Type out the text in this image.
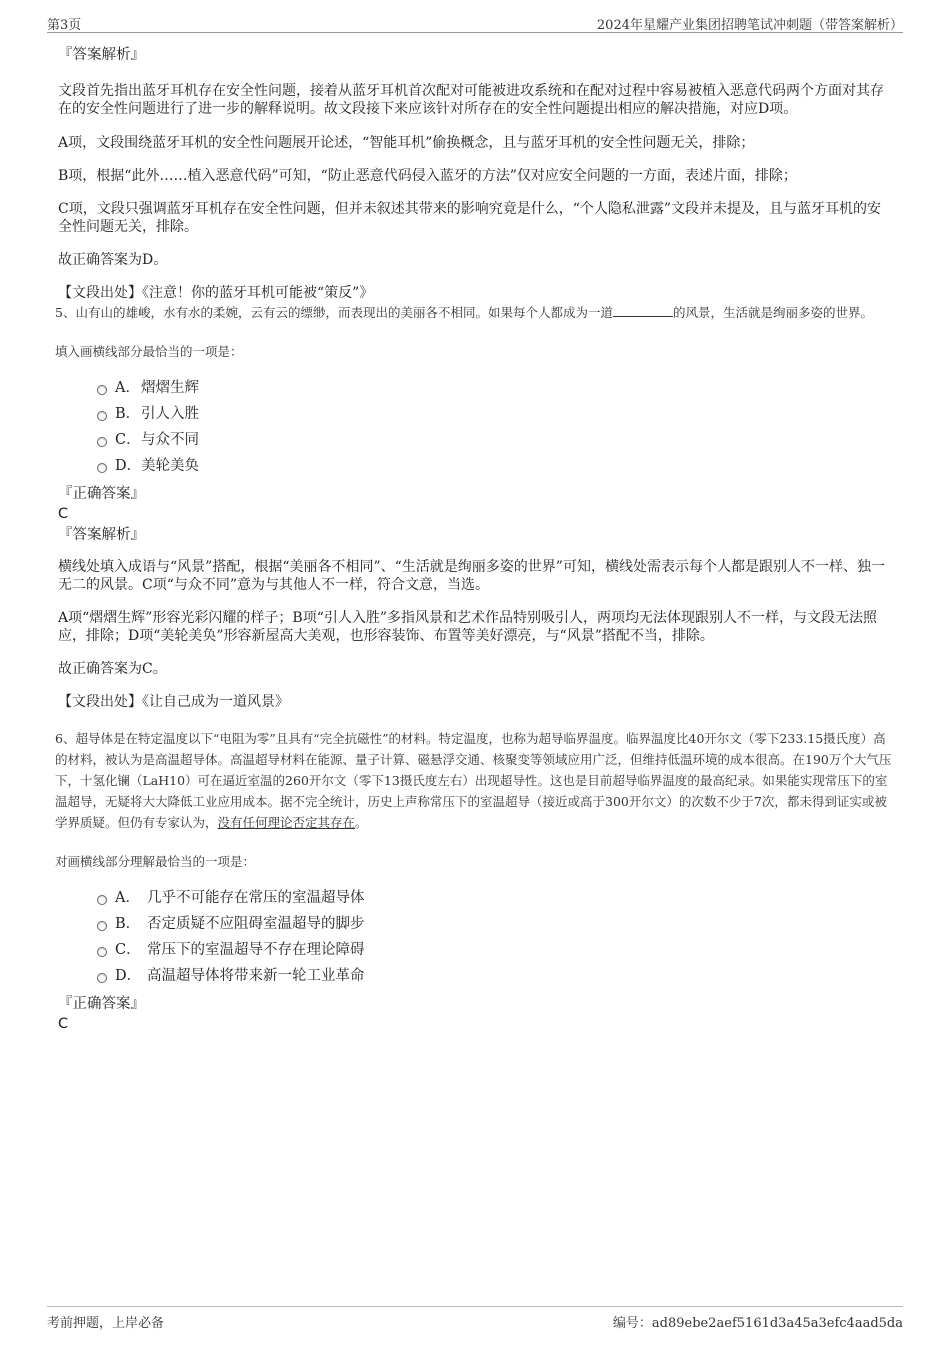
第3页	2024年星耀产业集团招聘笔试冲刺题（带答案解析）
『答案解析』

文段首先指出蓝牙耳机存在安全性问题，接着从蓝牙耳机首次配对可能被进攻系统和在配对过程中容易被植入恶意代码两个方面对其存在的安全性问题进行了进一步的解释说明。故文段接下来应该针对所存在的安全性问题提出相应的解决措施，对应D项。

A项，文段围绕蓝牙耳机的安全性问题展开论述，“智能耳机”偷换概念，且与蓝牙耳机的安全性问题无关，排除；

B项，根据“此外……植入恶意代码”可知，“防止恶意代码侵入蓝牙的方法”仅对应安全问题的一方面，表述片面，排除；

C项，文段只强调蓝牙耳机存在安全性问题，但并未叙述其带来的影响究竟是什么，“个人隐私泄露”文段并未提及，且与蓝牙耳机的安全性问题无关，排除。

故正确答案为D。

【文段出处】《注意！你的蓝牙耳机可能被“策反”》

5、山有山的雄峻，水有水的柔婉，云有云的缥缈，而表现出的美丽各不相同。如果每个人都成为一道	的风景，生活就是绚丽多姿的世界。

填入画横线部分最恰当的一项是：

A．熠熠生辉
B．引人入胜
C．与众不同
D．美轮美奂
『正确答案』
C
『答案解析』

横线处填入成语与“风景”搭配，根据“美丽各不相同”、“生活就是绚丽多姿的世界”可知，横线处需表示每个人都是跟别人不一样、独一无二的风景。C项“与众不同”意为与其他人不一样，符合文意，当选。

A项“熠熠生辉”形容光彩闪耀的样子；B项“引人入胜”多指风景和艺术作品特别吸引人，两项均无法体现跟别人不一样，与文段无法照应，排除；D项“美轮美奂”形容新屋高大美观，也形容装饰、布置等美好漂亮，与“风景”搭配不当，排除。

故正确答案为C。

【文段出处】《让自己成为一道风景》

6、超导体是在特定温度以下“电阻为零”且具有“完全抗磁性”的材料。特定温度，也称为超导临界温度。临界温度比40开尔文（零下233.15摄氏度）高的材料，被认为是高温超导体。高温超导材料在能源、量子计算、磁悬浮交通、核聚变等领域应用广泛，但维持低温环境的成本很高。在190万个大气压下，十氢化镧（LaH10）可在逼近室温的260开尔文（零下13摄氏度左右）出现超导性。这也是目前超导临界温度的最高纪录。如果能实现常压下的室温超导，无疑将大大降低工业应用成本。据不完全统计，历史上声称常压下的室温超导（接近或高于300开尔文）的次数不少于7次，都未得到证实或被学界质疑。但仍有专家认为，没有任何理论否定其存在。

对画横线部分理解最恰当的一项是：

A． 几乎不可能存在常压的室温超导体
B． 否定质疑不应阻碍室温超导的脚步
C． 常压下的室温超导不存在理论障碍
D． 高温超导体将带来新一轮工业革命
『正确答案』
C
考前押题，上岸必备	编号：ad89ebe2aef5161d3a45a3efc4aad5da
